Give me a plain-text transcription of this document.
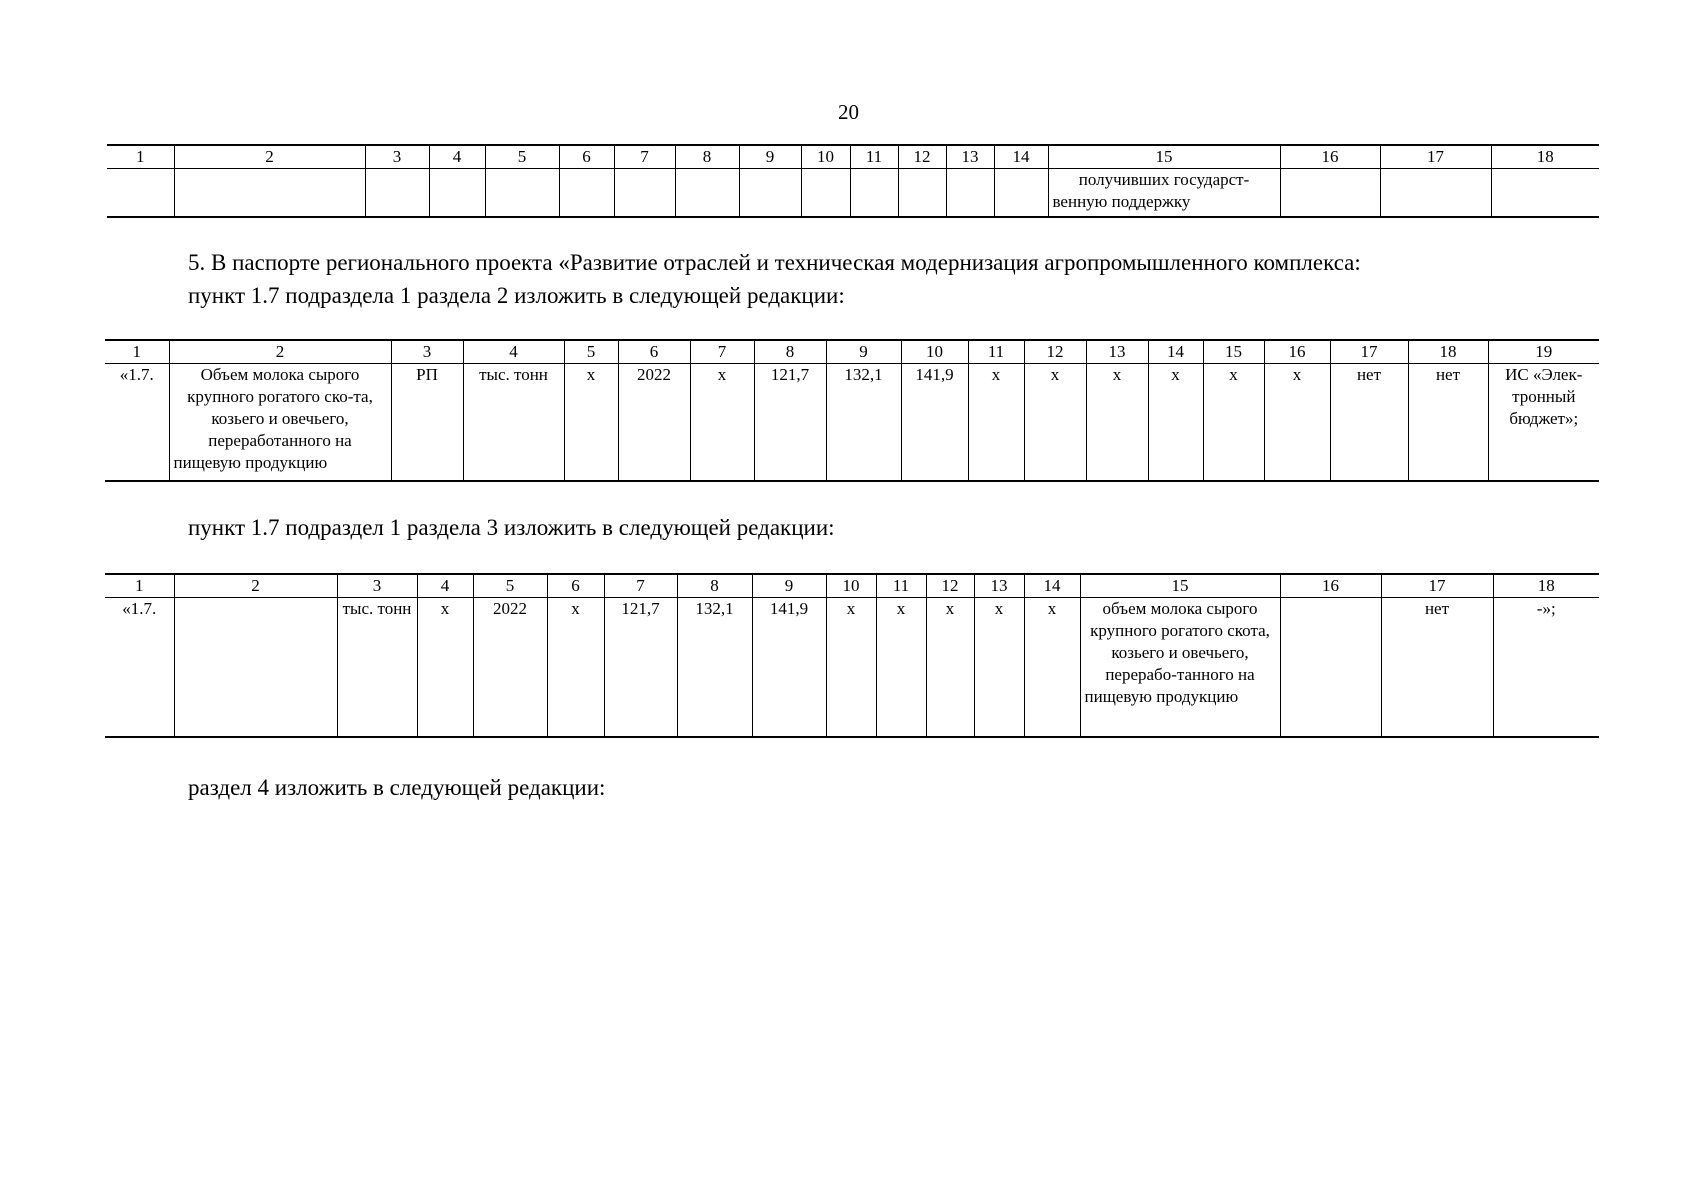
20
1	2	3	4	5	6	7	8	9	10	11	12	13	14	15	16	17	18
														получивших государст-венную поддержку			

5. В паспорте регионального проекта «Развитие отраслей и техническая модернизация агропромышленного комплекса:

пункт 1.7 подраздела 1 раздела 2 изложить в следующей редакции:

1	2	3	4	5	6	7	8	9	10	11	12	13	14	15	16	17	18	19
«1.7.	Объем молока сырого крупного рогатого ско-та, козьего и овечьего, переработанного на пищевую продукцию	РП	тыс. тонн	х	2022	х	121,7	132,1	141,9	х	х	х	х	х	х	нет	нет	ИС «Элек-тронный бюджет»;

пункт 1.7 подраздел 1 раздела 3 изложить в следующей редакции:

1	2	3	4	5	6	7	8	9	10	11	12	13	14	15	16	17	18
«1.7.		тыс. тонн	х	2022	х	121,7	132,1	141,9	х	х	х	х	х	объем молока сырого крупного рогатого скота, козьего и овечьего, перерабо-танного на пищевую продукцию		нет	-»;

раздел 4 изложить в следующей редакции:
